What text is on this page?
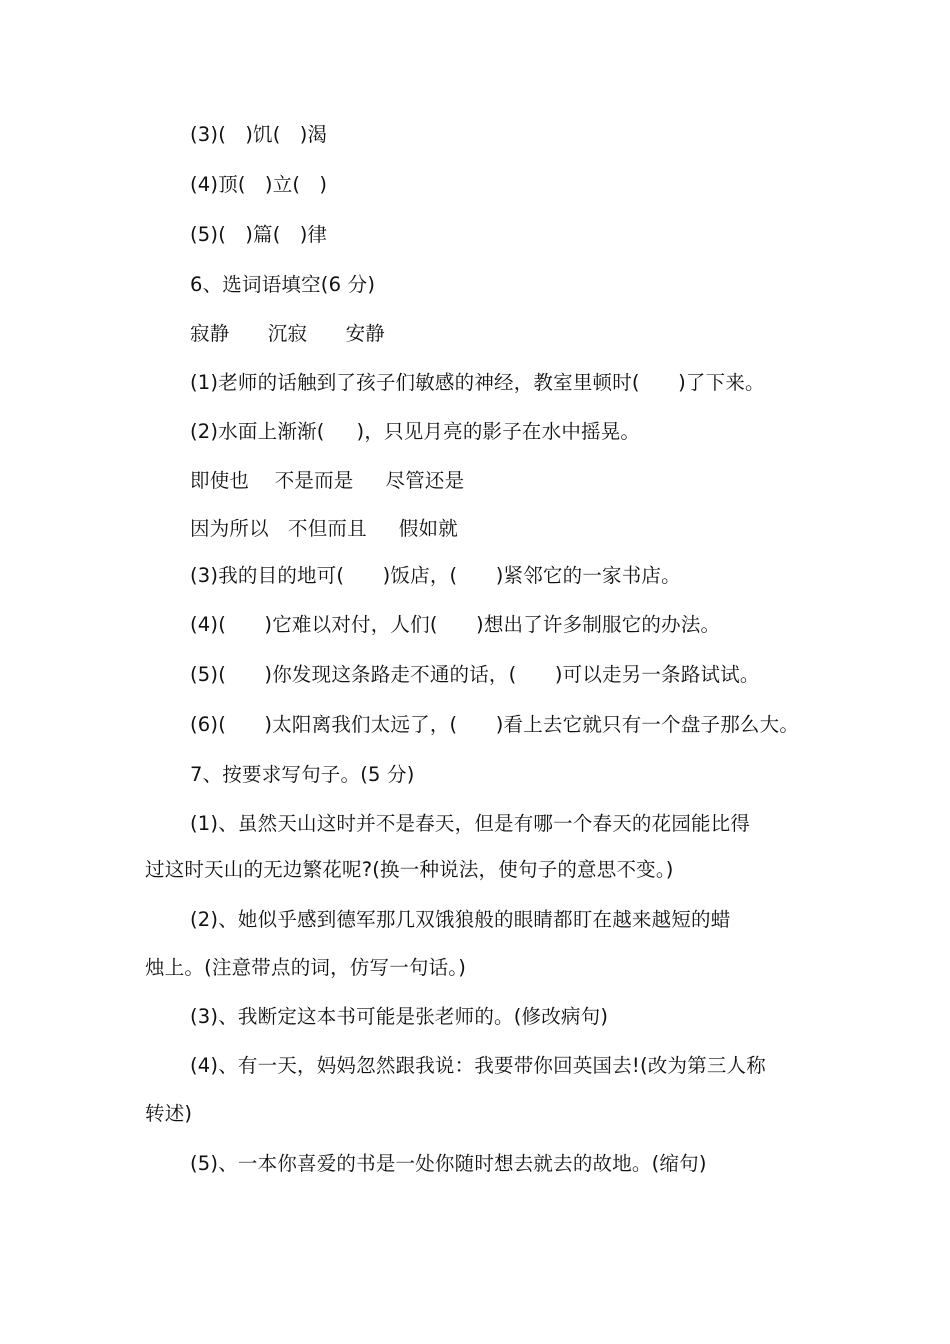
(3)(   )饥(   )渴
(4)顶(   )立(   )
(5)(   )篇(   )律
6、选词语填空(6 分)
寂静      沉寂      安静
(1)老师的话触到了孩子们敏感的神经，教室里顿时(      )了下来。
(2)水面上渐渐(     )，只见月亮的影子在水中摇晃。
即使也    不是而是     尽管还是
因为所以   不但而且     假如就
(3)我的目的地可(      )饭店，(      )紧邻它的一家书店。
(4)(      )它难以对付，人们(      )想出了许多制服它的办法。
(5)(      )你发现这条路走不通的话，(      )可以走另一条路试试。
(6)(      )太阳离我们太远了，(      )看上去它就只有一个盘子那么大。
7、按要求写句子。(5 分)
(1)、虽然天山这时并不是春天，但是有哪一个春天的花园能比得
过这时天山的无边繁花呢?(换一种说法，使句子的意思不变。)
(2)、她似乎感到德军那几双饿狼般的眼睛都盯在越来越短的蜡
烛上。(注意带点的词，仿写一句话。)
(3)、我断定这本书可能是张老师的。(修改病句)
(4)、有一天，妈妈忽然跟我说：我要带你回英国去!(改为第三人称
转述)
(5)、一本你喜爱的书是一处你随时想去就去的故地。(缩句)
